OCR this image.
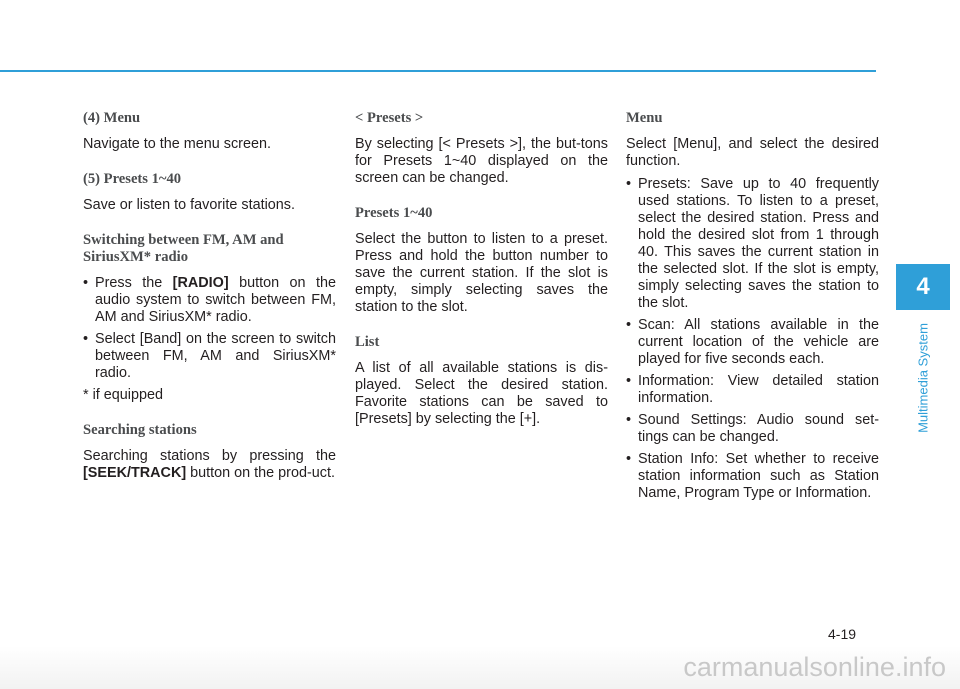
(4) Menu
Navigate to the menu screen.
(5) Presets 1~40
Save or listen to favorite stations.
Switching between FM, AM and SiriusXM* radio
• Press the [RADIO] button on the audio system to switch between FM, AM and SiriusXM* radio.
• Select [Band] on the screen to switch between FM, AM and SiriusXM* radio.
* if equipped
Searching stations
Searching stations by pressing the [SEEK/TRACK] button on the prod-uct.
< Presets >
By selecting [< Presets >], the but-tons for Presets 1~40 displayed on the screen can be changed.
Presets 1~40
Select the button to listen to a preset. Press and hold the button number to save the current station. If the slot is empty, simply selecting saves the station to the slot.
List
A list of all available stations is dis-played. Select the desired station. Favorite stations can be saved to [Presets] by selecting the [+].
Menu
Select [Menu], and select the desired function.
• Presets: Save up to 40 frequently used stations. To listen to a preset, select the desired station. Press and hold the desired slot from 1 through 40. This saves the current station in the selected slot. If the slot is empty, simply selecting saves the station to the slot.
• Scan: All stations available in the current location of the vehicle are played for five seconds each.
• Information: View detailed station information.
• Sound Settings: Audio sound set-tings can be changed.
• Station Info: Set whether to receive station information such as Station Name, Program Type or Information.
4
Multimedia System
4-19
carmanualsonline.info
